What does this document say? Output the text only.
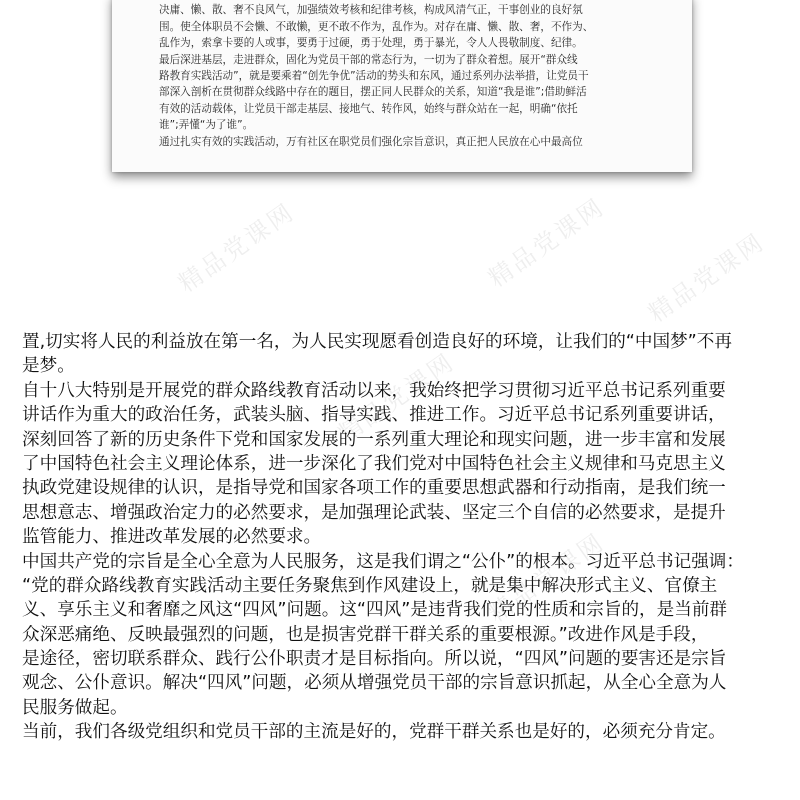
决庸、懒、散、奢不良风气，加强绩效考核和纪律考核，构成风清气正，干事创业的良好氛
围。使全体职员不会懒、不敢懒，更不敢不作为，乱作为。对存在庸、懒、散、奢，不作为、
乱作为，索拿卡要的人或事，要勇于过硬，勇于处理，勇于暴光，令人人畏敬制度、纪律。
最后深进基层，走进群众，固化为党员干部的常态行为，一切为了群众着想。展开“群众线
路教育实践活动”，就是要乘着“创先争优”活动的势头和东风，通过系列办法举措，让党员干
部深入剖析在贯彻群众线路中存在的题目，摆正同人民群众的关系，知道“我是谁”;借助鲜活
有效的活动载体，让党员干部走基层、接地气、转作风，始终与群众站在一起，明确“依托
谁”;弄懂“为了谁”。
通过扎实有效的实践活动，万有社区在职党员们强化宗旨意识，真正把人民放在心中最高位
精品党课网	精品党课网
精品党课网
精品党课网
精品党课网
置,切实将人民的利益放在第一名，为人民实现愿看创造良好的环境，让我们的“中国梦”不再
是梦。
自十八大特别是开展党的群众路线教育活动以来，我始终把学习贯彻习近平总书记系列重要
讲话作为重大的政治任务，武装头脑、指导实践、推进工作。习近平总书记系列重要讲话，
深刻回答了新的历史条件下党和国家发展的一系列重大理论和现实问题，进一步丰富和发展
了中国特色社会主义理论体系，进一步深化了我们党对中国特色社会主义规律和马克思主义
执政党建设规律的认识，是指导党和国家各项工作的重要思想武器和行动指南，是我们统一
思想意志、增强政治定力的必然要求，是加强理论武装、坚定三个自信的必然要求，是提升
监管能力、推进改革发展的必然要求。
中国共产党的宗旨是全心全意为人民服务，这是我们谓之“公仆”的根本。习近平总书记强调：
“党的群众路线教育实践活动主要任务聚焦到作风建设上，就是集中解决形式主义、官僚主
义、享乐主义和奢靡之风这“四风”问题。这“四风”是违背我们党的性质和宗旨的，是当前群
众深恶痛绝、反映最强烈的问题，也是损害党群干群关系的重要根源。”改进作风是手段，
是途径，密切联系群众、践行公仆职责才是目标指向。所以说，“四风”问题的要害还是宗旨
观念、公仆意识。解决“四风”问题，必须从增强党员干部的宗旨意识抓起，从全心全意为人
民服务做起。
当前，我们各级党组织和党员干部的主流是好的，党群干群关系也是好的，必须充分肯定。
